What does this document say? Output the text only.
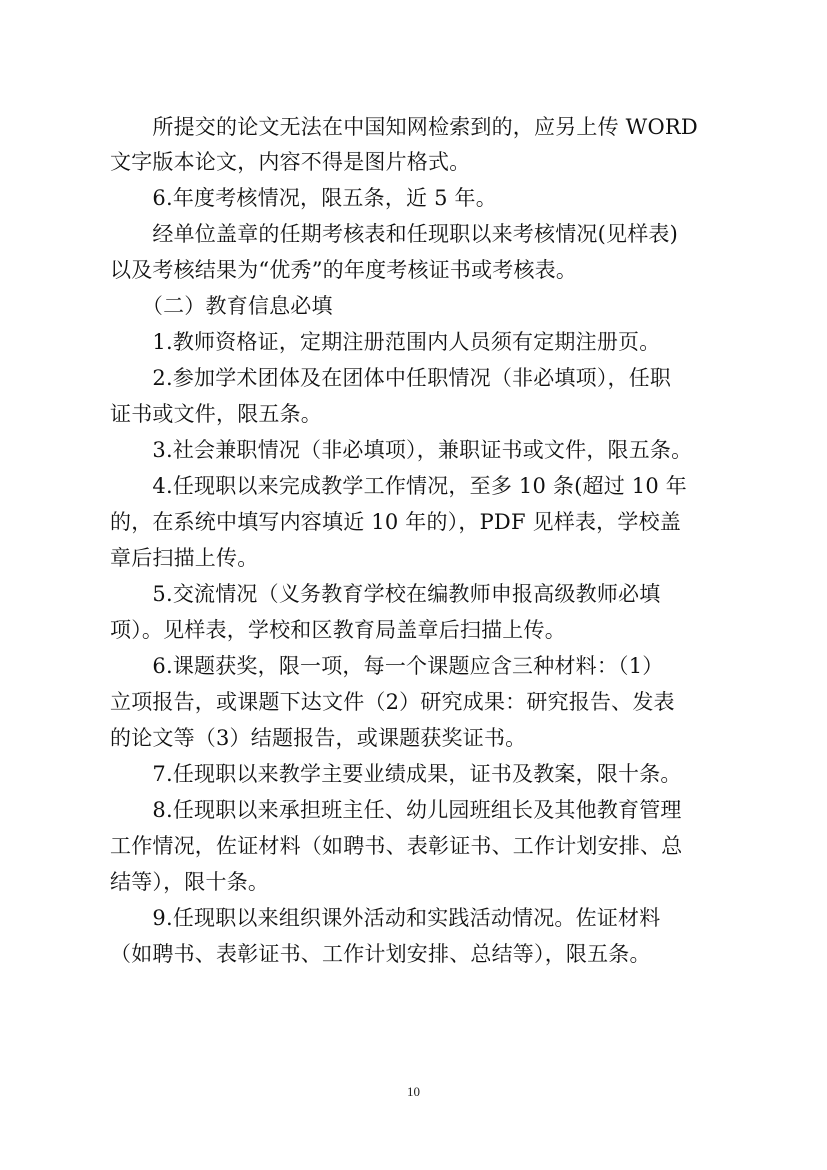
　　所提交的论文无法在中国知网检索到的，应另上传 WORD
文字版本论文，内容不得是图片格式。
　　6.年度考核情况，限五条，近 5 年。
　　经单位盖章的任期考核表和任现职以来考核情况(见样表)
以及考核结果为“优秀”的年度考核证书或考核表。
　　（二）教育信息必填
　　1.教师资格证，定期注册范围内人员须有定期注册页。
　　2.参加学术团体及在团体中任职情况（非必填项），任职
证书或文件，限五条。
　　3.社会兼职情况（非必填项），兼职证书或文件，限五条。
　　4.任现职以来完成教学工作情况，至多 10 条(超过 10 年
的，在系统中填写内容填近 10 年的），PDF 见样表，学校盖
章后扫描上传。
　　5.交流情况（义务教育学校在编教师申报高级教师必填
项）。见样表，学校和区教育局盖章后扫描上传。
　　6.课题获奖，限一项，每一个课题应含三种材料：（1）
立项报告，或课题下达文件（2）研究成果：研究报告、发表
的论文等（3）结题报告，或课题获奖证书。
　　7.任现职以来教学主要业绩成果，证书及教案，限十条。
　　8.任现职以来承担班主任、幼儿园班组长及其他教育管理
工作情况，佐证材料（如聘书、表彰证书、工作计划安排、总
结等），限十条。
　　9.任现职以来组织课外活动和实践活动情况。佐证材料
（如聘书、表彰证书、工作计划安排、总结等），限五条。
10
